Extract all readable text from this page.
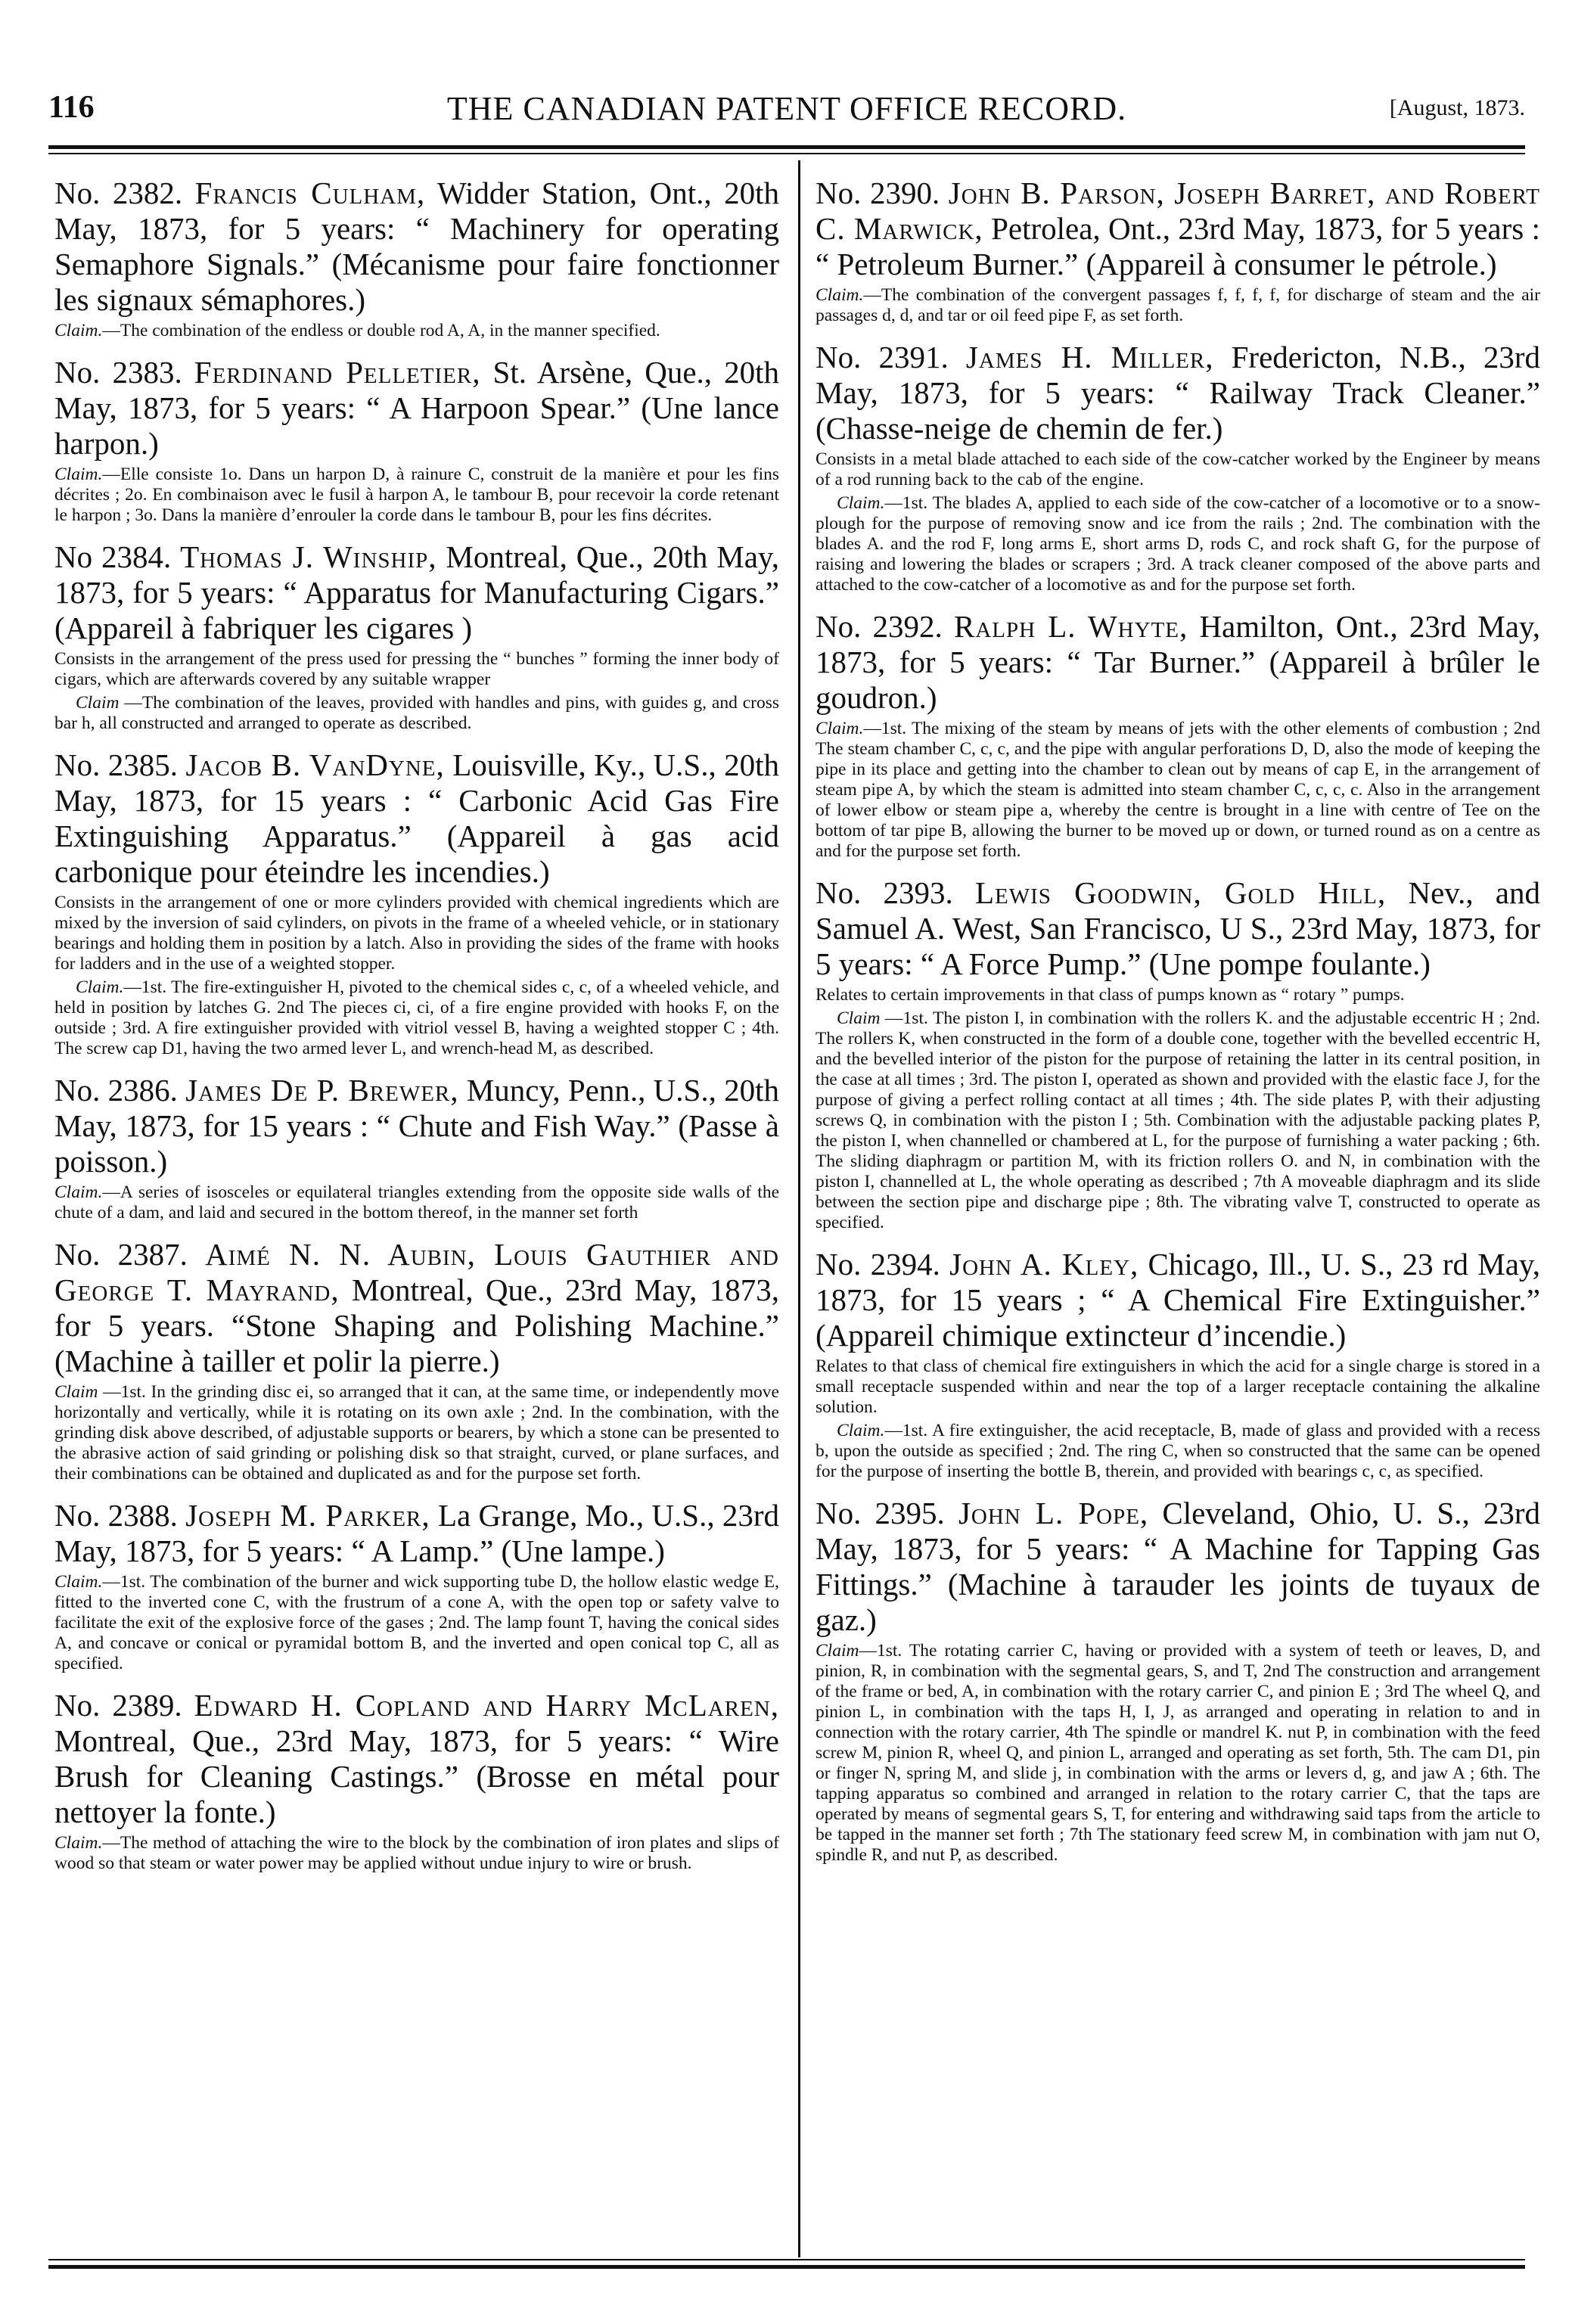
116	THE CANADIAN PATENT OFFICE RECORD.	[August, 1873.

No. 2382. Francis Culham, Widder Station, Ont., 20th May, 1873, for 5 years: “ Machinery for operating Semaphore Signals.” (Mécanisme pour faire fonctionner les signaux sémaphores.)

Claim.—The combination of the endless or double rod A, A, in the manner specified.

No. 2383. Ferdinand Pelletier, St. Arsène, Que., 20th May, 1873, for 5 years: “ A Harpoon Spear.” (Une lance harpon.)

Claim.—Elle consiste 1o. Dans un harpon D, à rainure C, construit de la manière et pour les fins décrites ; 2o. En combinaison avec le fusil à harpon A, le tambour B, pour recevoir la corde retenant le harpon ; 3o. Dans la manière d’enrouler la corde dans le tambour B, pour les fins décrites.

No 2384. Thomas J. Winship, Montreal, Que., 20th May, 1873, for 5 years: “ Apparatus for Manufacturing Cigars.” (Appareil à fabriquer les cigares )

Consists in the arrangement of the press used for pressing the “ bunches ” forming the inner body of cigars, which are afterwards covered by any suitable wrapper

Claim —The combination of the leaves, provided with handles and pins, with guides g, and cross bar h, all constructed and arranged to operate as described.

No. 2385. Jacob B. VanDyne, Louisville, Ky., U.S., 20th May, 1873, for 15 years : “ Carbonic Acid Gas Fire Extinguishing Apparatus.” (Appareil à gas acid carbonique pour éteindre les incendies.)

Consists in the arrangement of one or more cylinders provided with chemical ingredients which are mixed by the inversion of said cylinders, on pivots in the frame of a wheeled vehicle, or in stationary bearings and holding them in position by a latch. Also in providing the sides of the frame with hooks for ladders and in the use of a weighted stopper.

Claim.—1st. The fire-extinguisher H, pivoted to the chemical sides c, c, of a wheeled vehicle, and held in position by latches G. 2nd The pieces ci, ci, of a fire engine provided with hooks F, on the outside ; 3rd. A fire extinguisher provided with vitriol vessel B, having a weighted stopper C ; 4th. The screw cap D1, having the two armed lever L, and wrench-head M, as described.

No. 2386. James De P. Brewer, Muncy, Penn., U.S., 20th May, 1873, for 15 years : “ Chute and Fish Way.” (Passe à poisson.)

Claim.—A series of isosceles or equilateral triangles extending from the opposite side walls of the chute of a dam, and laid and secured in the bottom thereof, in the manner set forth

No. 2387. Aimé N. N. Aubin, Louis Gauthier and George T. Mayrand, Montreal, Que., 23rd May, 1873, for 5 years. “Stone Shaping and Polishing Machine.” (Machine à tailler et polir la pierre.)

Claim —1st. In the grinding disc ei, so arranged that it can, at the same time, or independently move horizontally and vertically, while it is rotating on its own axle ; 2nd. In the combination, with the grinding disk above described, of adjustable supports or bearers, by which a stone can be presented to the abrasive action of said grinding or polishing disk so that straight, curved, or plane surfaces, and their combinations can be obtained and duplicated as and for the purpose set forth.

No. 2388. Joseph M. Parker, La Grange, Mo., U.S., 23rd May, 1873, for 5 years: “ A Lamp.” (Une lampe.)

Claim.—1st. The combination of the burner and wick supporting tube D, the hollow elastic wedge E, fitted to the inverted cone C, with the frustrum of a cone A, with the open top or safety valve to facilitate the exit of the explosive force of the gases ; 2nd. The lamp fount T, having the conical sides A, and concave or conical or pyramidal bottom B, and the inverted and open conical top C, all as specified.

No. 2389. Edward H. Copland and Harry McLaren, Montreal, Que., 23rd May, 1873, for 5 years: “ Wire Brush for Cleaning Castings.” (Brosse en métal pour nettoyer la fonte.)

Claim.—The method of attaching the wire to the block by the combination of iron plates and slips of wood so that steam or water power may be applied without undue injury to wire or brush.

No. 2390. John B. Parson, Joseph Barret, and Robert C. Marwick, Petrolea, Ont., 23rd May, 1873, for 5 years : “ Petroleum Burner.” (Appareil à consumer le pétrole.)

Claim.—The combination of the convergent passages f, f, f, f, for discharge of steam and the air passages d, d, and tar or oil feed pipe F, as set forth.

No. 2391. James H. Miller, Fredericton, N.B., 23rd May, 1873, for 5 years: “ Railway Track Cleaner.” (Chasse-neige de chemin de fer.)

Consists in a metal blade attached to each side of the cow-catcher worked by the Engineer by means of a rod running back to the cab of the engine.

Claim.—1st. The blades A, applied to each side of the cow-catcher of a locomotive or to a snow-plough for the purpose of removing snow and ice from the rails ; 2nd. The combination with the blades A. and the rod F, long arms E, short arms D, rods C, and rock shaft G, for the purpose of raising and lowering the blades or scrapers ; 3rd. A track cleaner composed of the above parts and attached to the cow-catcher of a locomotive as and for the purpose set forth.

No. 2392. Ralph L. Whyte, Hamilton, Ont., 23rd May, 1873, for 5 years: “ Tar Burner.” (Appareil à brûler le goudron.)

Claim.—1st. The mixing of the steam by means of jets with the other elements of combustion ; 2nd The steam chamber C, c, c, and the pipe with angular perforations D, D, also the mode of keeping the pipe in its place and getting into the chamber to clean out by means of cap E, in the arrangement of steam pipe A, by which the steam is admitted into steam chamber C, c, c, c. Also in the arrangement of lower elbow or steam pipe a, whereby the centre is brought in a line with centre of Tee on the bottom of tar pipe B, allowing the burner to be moved up or down, or turned round as on a centre as and for the purpose set forth.

No. 2393. Lewis Goodwin, Gold Hill, Nev., and Samuel A. West, San Francisco, U S., 23rd May, 1873, for 5 years: “ A Force Pump.” (Une pompe foulante.)

Relates to certain improvements in that class of pumps known as “ rotary ” pumps.

Claim —1st. The piston I, in combination with the rollers K. and the adjustable eccentric H ; 2nd. The rollers K, when constructed in the form of a double cone, together with the bevelled eccentric H, and the bevelled interior of the piston for the purpose of retaining the latter in its central position, in the case at all times ; 3rd. The piston I, operated as shown and provided with the elastic face J, for the purpose of giving a perfect rolling contact at all times ; 4th. The side plates P, with their adjusting screws Q, in combination with the piston I ; 5th. Combination with the adjustable packing plates P, the piston I, when channelled or chambered at L, for the purpose of furnishing a water packing ; 6th. The sliding diaphragm or partition M, with its friction rollers O. and N, in combination with the piston I, channelled at L, the whole operating as described ; 7th A moveable diaphragm and its slide between the section pipe and discharge pipe ; 8th. The vibrating valve T, constructed to operate as specified.

No. 2394. John A. Kley, Chicago, Ill., U. S., 23 rd May, 1873, for 15 years ; “ A Chemical Fire Extinguisher.” (Appareil chimique extincteur d’incendie.)

Relates to that class of chemical fire extinguishers in which the acid for a single charge is stored in a small receptacle suspended within and near the top of a larger receptacle containing the alkaline solution.

Claim.—1st. A fire extinguisher, the acid receptacle, B, made of glass and provided with a recess b, upon the outside as specified ; 2nd. The ring C, when so constructed that the same can be opened for the purpose of inserting the bottle B, therein, and provided with bearings c, c, as specified.

No. 2395. John L. Pope, Cleveland, Ohio, U. S., 23rd May, 1873, for 5 years: “ A Machine for Tapping Gas Fittings.” (Machine à tarauder les joints de tuyaux de gaz.)

Claim—1st. The rotating carrier C, having or provided with a system of teeth or leaves, D, and pinion, R, in combination with the segmental gears, S, and T, 2nd The construction and arrangement of the frame or bed, A, in combination with the rotary carrier C, and pinion E ; 3rd The wheel Q, and pinion L, in combination with the taps H, I, J, as arranged and operating in relation to and in connection with the rotary carrier, 4th The spindle or mandrel K. nut P, in combination with the feed screw M, pinion R, wheel Q, and pinion L, arranged and operating as set forth, 5th. The cam D1, pin or finger N, spring M, and slide j, in combination with the arms or levers d, g, and jaw A ; 6th. The tapping apparatus so combined and arranged in relation to the rotary carrier C, that the taps are operated by means of segmental gears S, T, for entering and withdrawing said taps from the article to be tapped in the manner set forth ; 7th The stationary feed screw M, in combination with jam nut O, spindle R, and nut P, as described.
